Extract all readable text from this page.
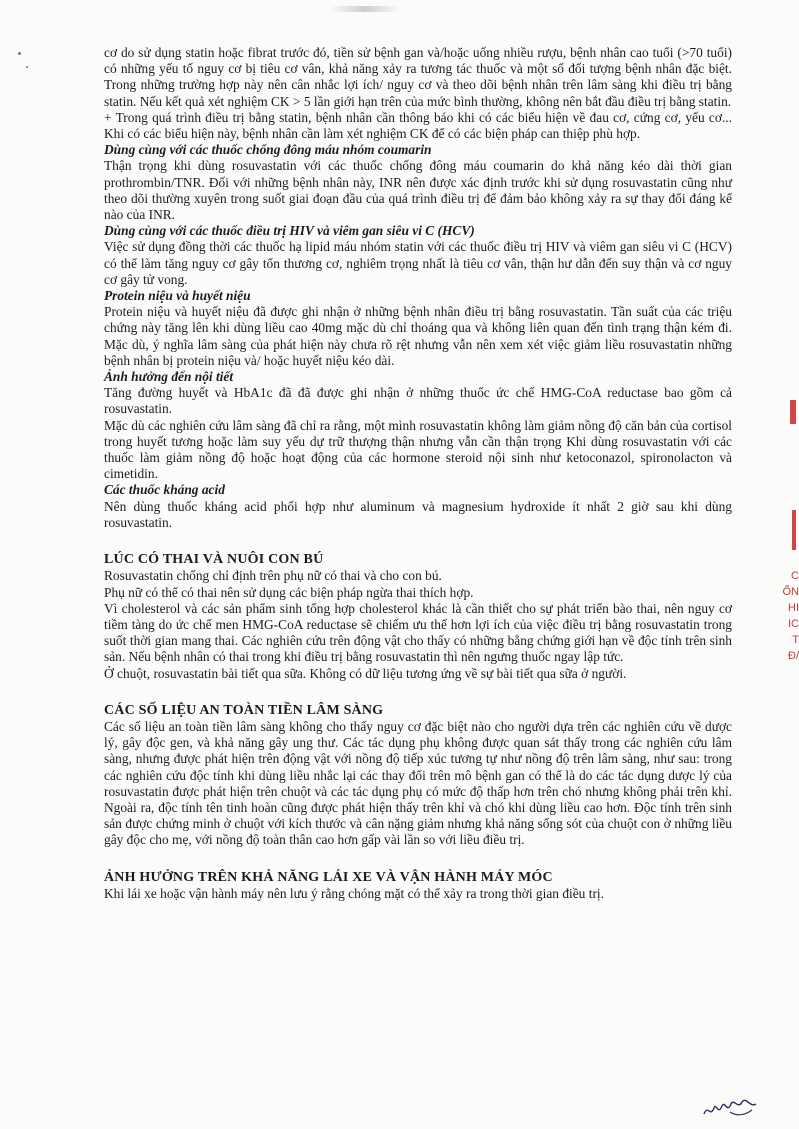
C
ỐN
HI
IC
T
Đ/

cơ do sử dụng statin hoặc fibrat trước đó, tiền sử bệnh gan và/hoặc uống nhiều rượu, bệnh nhân cao tuổi (>70 tuổi) có những yếu tố nguy cơ bị tiêu cơ vân, khả năng xảy ra tương tác thuốc và một số đối tượng bệnh nhân đặc biệt. Trong những trường hợp này nên cân nhắc lợi ích/ nguy cơ và theo dõi bệnh nhân trên lâm sàng khi điều trị bằng statin. Nếu kết quả xét nghiệm CK > 5 lần giới hạn trên của mức bình thường, không nên bắt đầu điều trị bằng statin.

+ Trong quá trình điều trị bằng statin, bệnh nhân cần thông báo khi có các biểu hiện về đau cơ, cứng cơ, yếu cơ... Khi có các biểu hiện này, bệnh nhân cần làm xét nghiệm CK để có các biện pháp can thiệp phù hợp.

Dùng cùng với các thuốc chống đông máu nhóm coumarin

Thận trọng khi dùng rosuvastatin với các thuốc chống đông máu coumarin do khả năng kéo dài thời gian prothrombin/TNR. Đối với những bệnh nhân này, INR nên được xác định trước khi sử dụng rosuvastatin cũng như theo dõi thường xuyên trong suốt giai đoạn đầu của quá trình điều trị để đảm bảo không xảy ra sự thay đổi đáng kể nào của INR.

Dùng cùng với các thuốc điều trị HIV và viêm gan siêu vi C (HCV)

Việc sử dụng đồng thời các thuốc hạ lipid máu nhóm statin với các thuốc điều trị HIV và viêm gan siêu vi C (HCV) có thể làm tăng nguy cơ gây tổn thương cơ, nghiêm trọng nhất là tiêu cơ vân, thận hư dẫn đến suy thận và cơ nguy cơ gây tử vong.

Protein niệu và huyết niệu

Protein niệu và huyết niệu đã được ghi nhận ở những bệnh nhân điều trị bằng rosuvastatin. Tần suất của các triệu chứng này tăng lên khi dùng liều cao 40mg mặc dù chỉ thoáng qua và không liên quan đến tình trạng thận kém đi. Mặc dù, ý nghĩa lâm sàng của phát hiện này chưa rõ rệt nhưng vẫn nên xem xét việc giảm liều rosuvastatin những bệnh nhân bị protein niệu và/ hoặc huyết niệu kéo dài.

Ảnh hưởng đến nội tiết

Tăng đường huyết và HbA1c đã đã được ghi nhận ở những thuốc ức chế HMG-CoA reductase bao gồm cả rosuvastatin.

Mặc dù các nghiên cứu lâm sàng đã chỉ ra rằng, một mình rosuvastatin không làm giảm nồng độ căn bản của cortisol trong huyết tương hoặc làm suy yếu dự trữ thượng thận nhưng vẫn cần thận trọng Khi dùng rosuvastatin với các thuốc làm giảm nồng độ hoặc hoạt động của các hormone steroid nội sinh như ketoconazol, spironolacton và cimetidin.

Các thuốc kháng acid

Nên dùng thuốc kháng acid phối hợp như aluminum và magnesium hydroxide ít nhất 2 giờ sau khi dùng rosuvastatin.

LÚC CÓ THAI VÀ NUÔI CON BÚ

Rosuvastatin chống chỉ định trên phụ nữ có thai và cho con bú.

Phụ nữ có thể có thai nên sử dụng các biện pháp ngừa thai thích hợp.

Vì cholesterol và các sản phẩm sinh tổng hợp cholesterol khác là cần thiết cho sự phát triển bào thai, nên nguy cơ tiềm tàng do ức chế men HMG-CoA reductase sẽ chiếm ưu thế hơn lợi ích của việc điều trị bằng rosuvastatin trong suốt thời gian mang thai. Các nghiên cứu trên động vật cho thấy có những bằng chứng giới hạn về độc tính trên sinh sản. Nếu bệnh nhân có thai trong khi điều trị bằng rosuvastatin thì nên ngưng thuốc ngay lập tức.

Ở chuột, rosuvastatin bài tiết qua sữa. Không có dữ liệu tương ứng về sự bài tiết qua sữa ở người.

CÁC SỐ LIỆU AN TOÀN TIỀN LÂM SÀNG

Các số liệu an toàn tiền lâm sàng không cho thấy nguy cơ đặc biệt nào cho người dựa trên các nghiên cứu về dược lý, gây độc gen, và khả năng gây ung thư. Các tác dụng phụ không được quan sát thấy trong các nghiên cứu lâm sàng, nhưng được phát hiện trên động vật với nồng độ tiếp xúc tương tự như nồng độ trên lâm sàng, như sau: trong các nghiên cứu độc tính khi dùng liều nhắc lại các thay đổi trên mô bệnh gan có thể là do các tác dụng dược lý của rosuvastatin được phát hiện trên chuột và các tác dụng phụ có mức độ thấp hơn trên chó nhưng không phải trên khỉ. Ngoài ra, độc tính tên tinh hoàn cũng được phát hiện thấy trên khỉ và chó khi dùng liều cao hơn. Độc tính trên sinh sản được chứng minh ở chuột với kích thước và cân nặng giảm nhưng khả năng sống sót của chuột con ở những liều gây độc cho mẹ, với nồng độ toàn thân cao hơn gấp vài lần so với liều điều trị.

ẢNH HƯỞNG TRÊN KHẢ NĂNG LÁI XE VÀ VẬN HÀNH MÁY MÓC

Khi lái xe hoặc vận hành máy nên lưu ý rằng chóng mặt có thể xảy ra trong thời gian điều trị.
